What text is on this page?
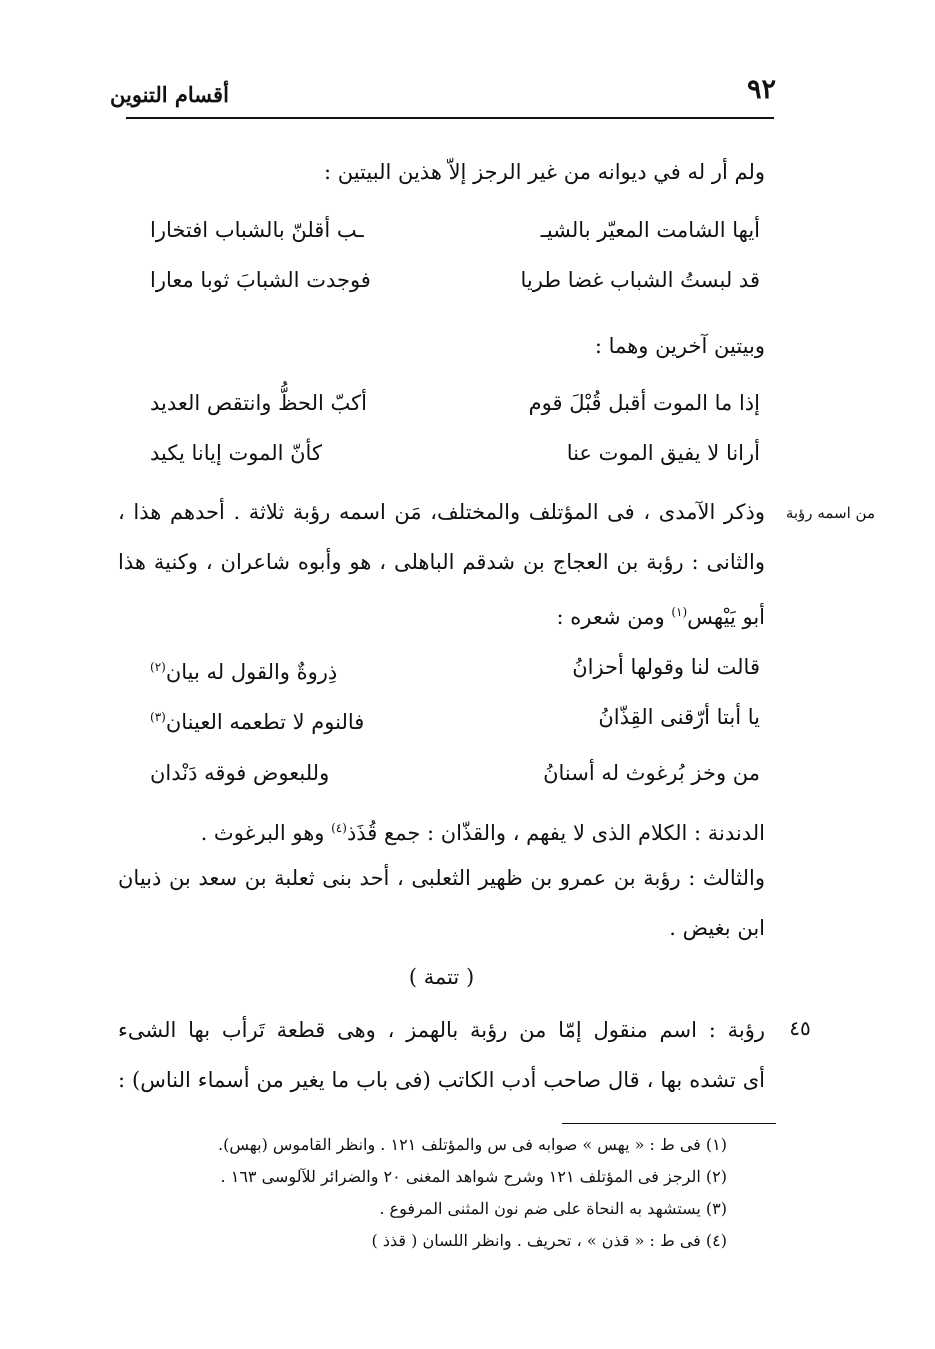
٩٢
أقسام التنوين
ولم أر له في ديوانه من غير الرجز إلاّ هذين البيتين :
أيها الشامت المعيّر بالشيـ
ـب أقلنّ بالشباب افتخارا
قد لبستُ الشباب غضا طريا
فوجدت الشبابَ ثوبا معارا
وبيتين آخرين وهما :
إذا ما الموت أقبل قُبْلَ قوم
أكبّ الحظُّ وانتقص العديد
أرانا لا يفيق الموت عنا
كأنّ الموت إيانا يكيد
من اسمه رؤبة
وذكر الآمدى ، فى المؤتلف والمختلف، مَن اسمه رؤبة ثلاثة . أحدهم هذا ،
والثانى : رؤبة بن العجاج بن شدقم الباهلى ، هو وأبوه شاعران ، وكنية هذا
أبو يَيْهس$^{(١)}$ ومن شعره :
قالت لنا وقولها أحزانُ
ذِروةٌ والقول له بيان$^{(٢)}$
يا أبتا أرّقنى القِذّانُ
فالنوم لا تطعمه العينان$^{(٣)}$
من وخز بُرغوث له أسنانُ
وللبعوض فوقه دَنْدان
الدندنة : الكلام الذى لا يفهم ، والقذّان : جمع قُذَذ$^{(٤)}$ وهو البرغوث .
والثالث : رؤبة بن عمرو بن ظهير الثعلبى ، أحد بنى ثعلبة بن سعد بن ذبيان
ابن بغيض .
( تتمة )
٤٥
رؤبة : اسم منقول إمّا من رؤبة بالهمز ، وهى قطعة تَرأب بها الشىء
أى تشده بها ، قال صاحب أدب الكاتب (فى باب ما يغير من أسماء الناس) :
(١) فى ط : « يهس » صوابه فى س والمؤتلف ١٢١ . وانظر القاموس (بهس).
(٢) الرجز فى المؤتلف ١٢١ وشرح شواهد المغنى ٢٠ والضرائر للآلوسى ١٦٣ .
(٣) يستشهد به النحاة على ضم نون المثنى المرفوع .
(٤) فى ط : « قذن » ، تحريف . وانظر اللسان ( قذذ )
